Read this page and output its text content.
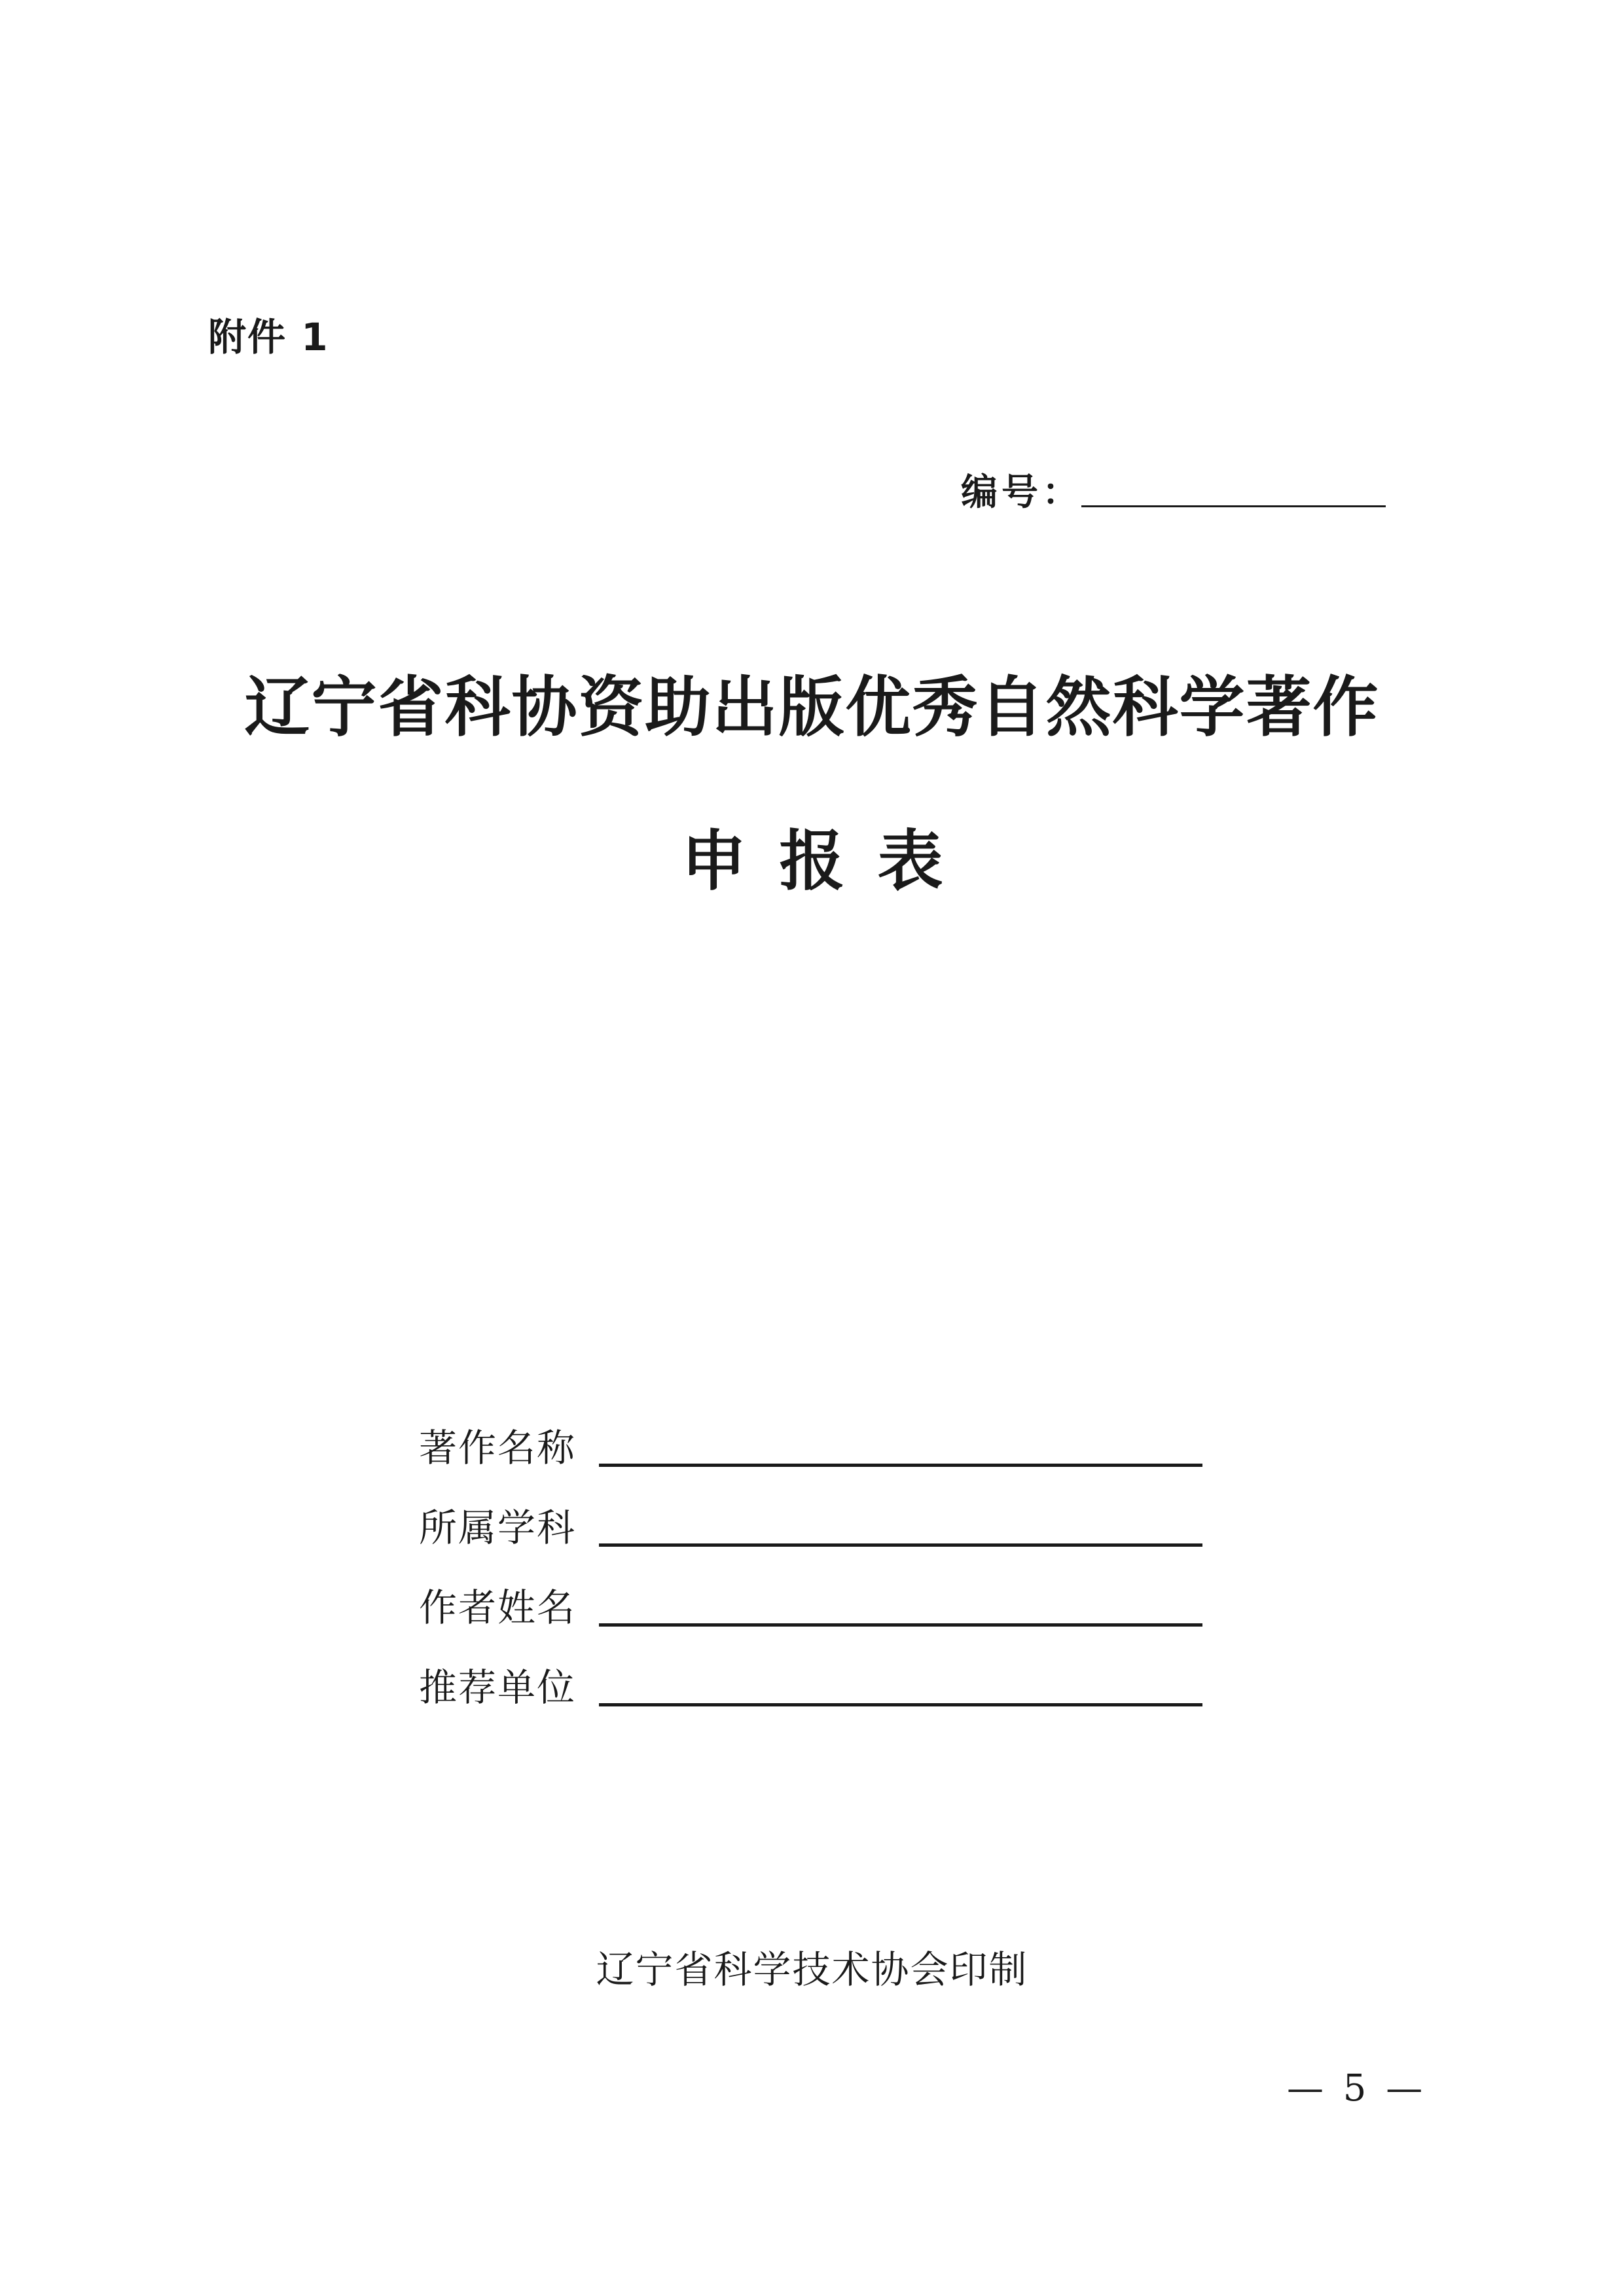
附件 1
编号：
辽宁省科协资助出版优秀自然科学著作
申报表
著作名称
所属学科
作者姓名
推荐单位
辽宁省科学技术协会印制
— 5 —
